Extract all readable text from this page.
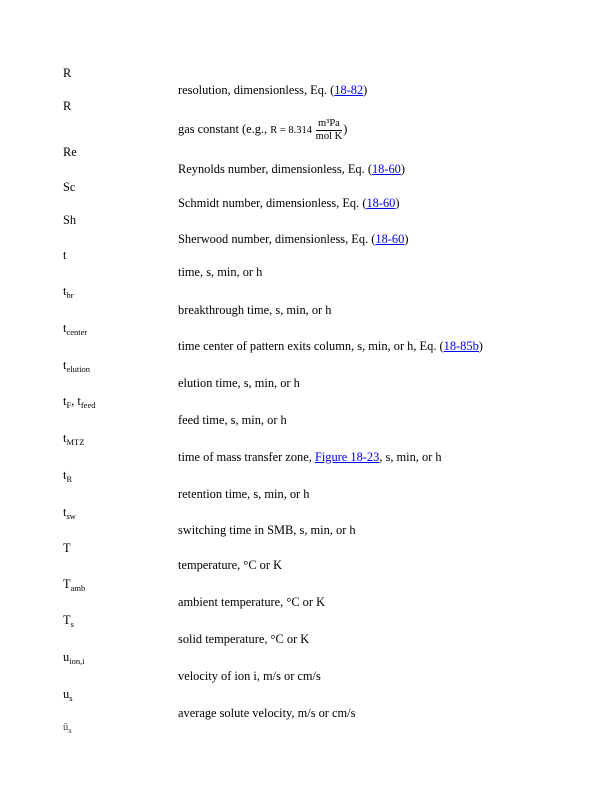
R
resolution, dimensionless, Eq. (18-82)
R
gas constant (e.g., $R = 8.314 \frac{\text{m³Pa}}{\text{mol K}}$ )
Re
Reynolds number, dimensionless, Eq. (18-60)
Sc
Schmidt number, dimensionless, Eq. (18-60)
Sh
Sherwood number, dimensionless, Eq. (18-60)
t
time, s, min, or h
$t_{br}$
breakthrough time, s, min, or h
$t_{center}$
time center of pattern exits column, s, min, or h, Eq. (18-85b)
$t_{elution}$
elution time, s, min, or h
$t_F$, $t_{feed}$
feed time, s, min, or h
$t_{MTZ}$
time of mass transfer zone, Figure 18-23, s, min, or h
$t_R$
retention time, s, min, or h
$t_{sw}$
switching time in SMB, s, min, or h
T
temperature, °C or K
$T_{amb}$
ambient temperature, °C or K
$T_s$
solid temperature, °C or K
$u_{ion,i}$
velocity of ion i, m/s or cm/s
$u_s$
average solute velocity, m/s or cm/s
$ū_s$
